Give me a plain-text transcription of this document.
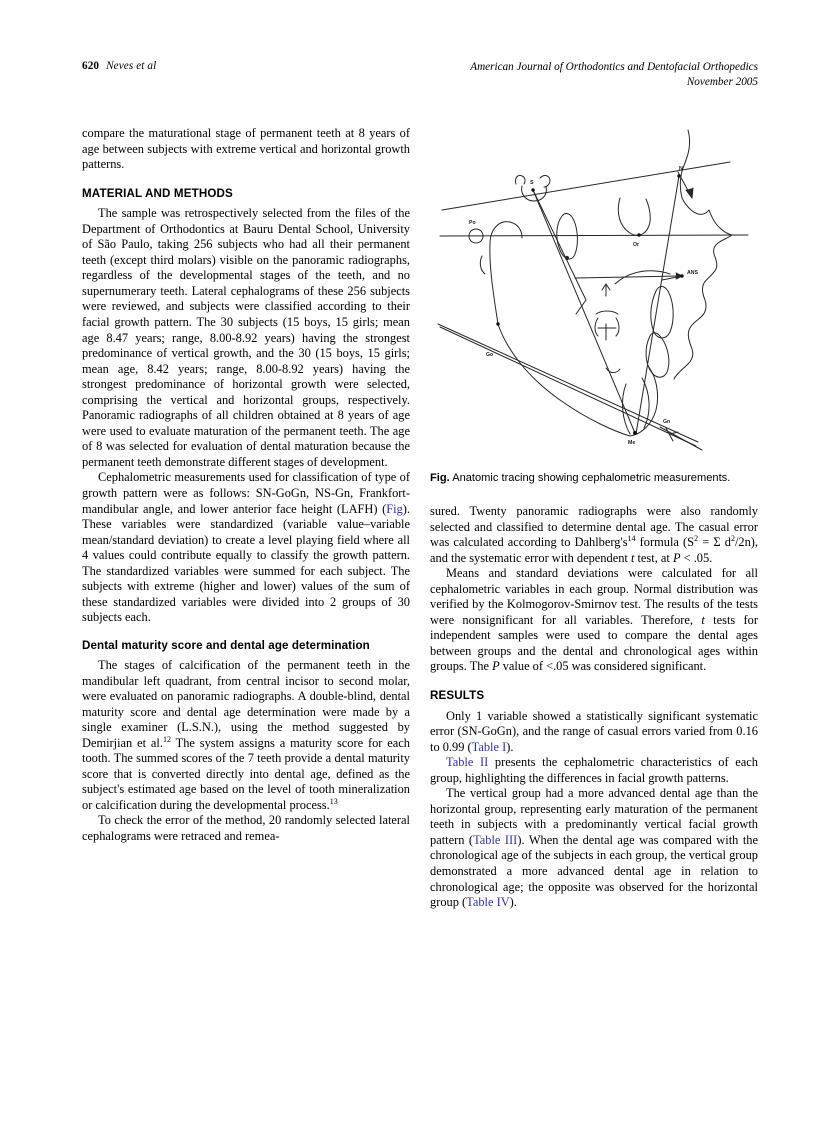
620 Neves et al	American Journal of Orthodontics and Dentofacial Orthopedics
November 2005

compare the maturational stage of permanent teeth at 8 years of age between subjects with extreme vertical and horizontal growth patterns.

MATERIAL AND METHODS

The sample was retrospectively selected from the files of the Department of Orthodontics at Bauru Dental School, University of São Paulo, taking 256 subjects who had all their permanent teeth (except third molars) visible on the panoramic radiographs, regardless of the developmental stages of the teeth, and no supernumerary teeth. Lateral cephalograms of these 256 subjects were reviewed, and subjects were classified according to their facial growth pattern. The 30 subjects (15 boys, 15 girls; mean age 8.47 years; range, 8.00-8.92 years) having the strongest predominance of vertical growth, and the 30 (15 boys, 15 girls; mean age, 8.42 years; range, 8.00-8.92 years) having the strongest predominance of horizontal growth were selected, comprising the vertical and horizontal groups, respectively. Panoramic radiographs of all children obtained at 8 years of age were used to evaluate maturation of the permanent teeth. The age of 8 was selected for evaluation of dental maturation because the permanent teeth demonstrate different stages of development.

Cephalometric measurements used for classification of type of growth pattern were as follows: SN-GoGn, NS-Gn, Frankfort-mandibular angle, and lower anterior face height (LAFH) (Fig). These variables were standardized (variable value–variable mean/standard deviation) to create a level playing field where all 4 values could contribute equally to classify the growth pattern. The standardized variables were summed for each subject. The subjects with extreme (higher and lower) values of the sum of these standardized variables were divided into 2 groups of 30 subjects each.

Dental maturity score and dental age determination

The stages of calcification of the permanent teeth in the mandibular left quadrant, from central incisor to second molar, were evaluated on panoramic radiographs. A double-blind, dental maturity score and dental age determination were made by a single examiner (L.S.N.), using the method suggested by Demirjian et al.$^{12}$ The system assigns a maturity score for each tooth. The summed scores of the 7 teeth provide a dental maturity score that is converted directly into dental age, defined as the subject's estimated age based on the level of tooth mineralization or calcification during the developmental process.$^{13}$

To check the error of the method, 20 randomly selected lateral cephalograms were retraced and remea-

S
N
Po
Or
ANS
Go
Gn
Me

Fig. Anatomic tracing showing cephalometric measurements.

sured. Twenty panoramic radiographs were also randomly selected and classified to determine dental age. The casual error was calculated according to $Dahlberg's^{14}$ formula ($S^2 = \Sigma$ $d^2/2n$), and the systematic error with dependent t test, at P < .05.

Means and standard deviations were calculated for all cephalometric variables in each group. Normal distribution was verified by the Kolmogorov-Smirnov test. The results of the tests were nonsignificant for all variables. Therefore, t tests for independent samples were used to compare the dental ages between groups and the dental and chronological ages within groups. The P value of <.05 was considered significant.

RESULTS

Only 1 variable showed a statistically significant systematic error (SN-GoGn), and the range of casual errors varied from 0.16 to 0.99 (Table I).

Table II presents the cephalometric characteristics of each group, highlighting the differences in facial growth patterns.

The vertical group had a more advanced dental age than the horizontal group, representing early maturation of the permanent teeth in subjects with a predominantly vertical facial growth pattern (Table III). When the dental age was compared with the chronological age of the subjects in each group, the vertical group demonstrated a more advanced dental age in relation to chronological age; the opposite was observed for the horizontal group (Table IV).
